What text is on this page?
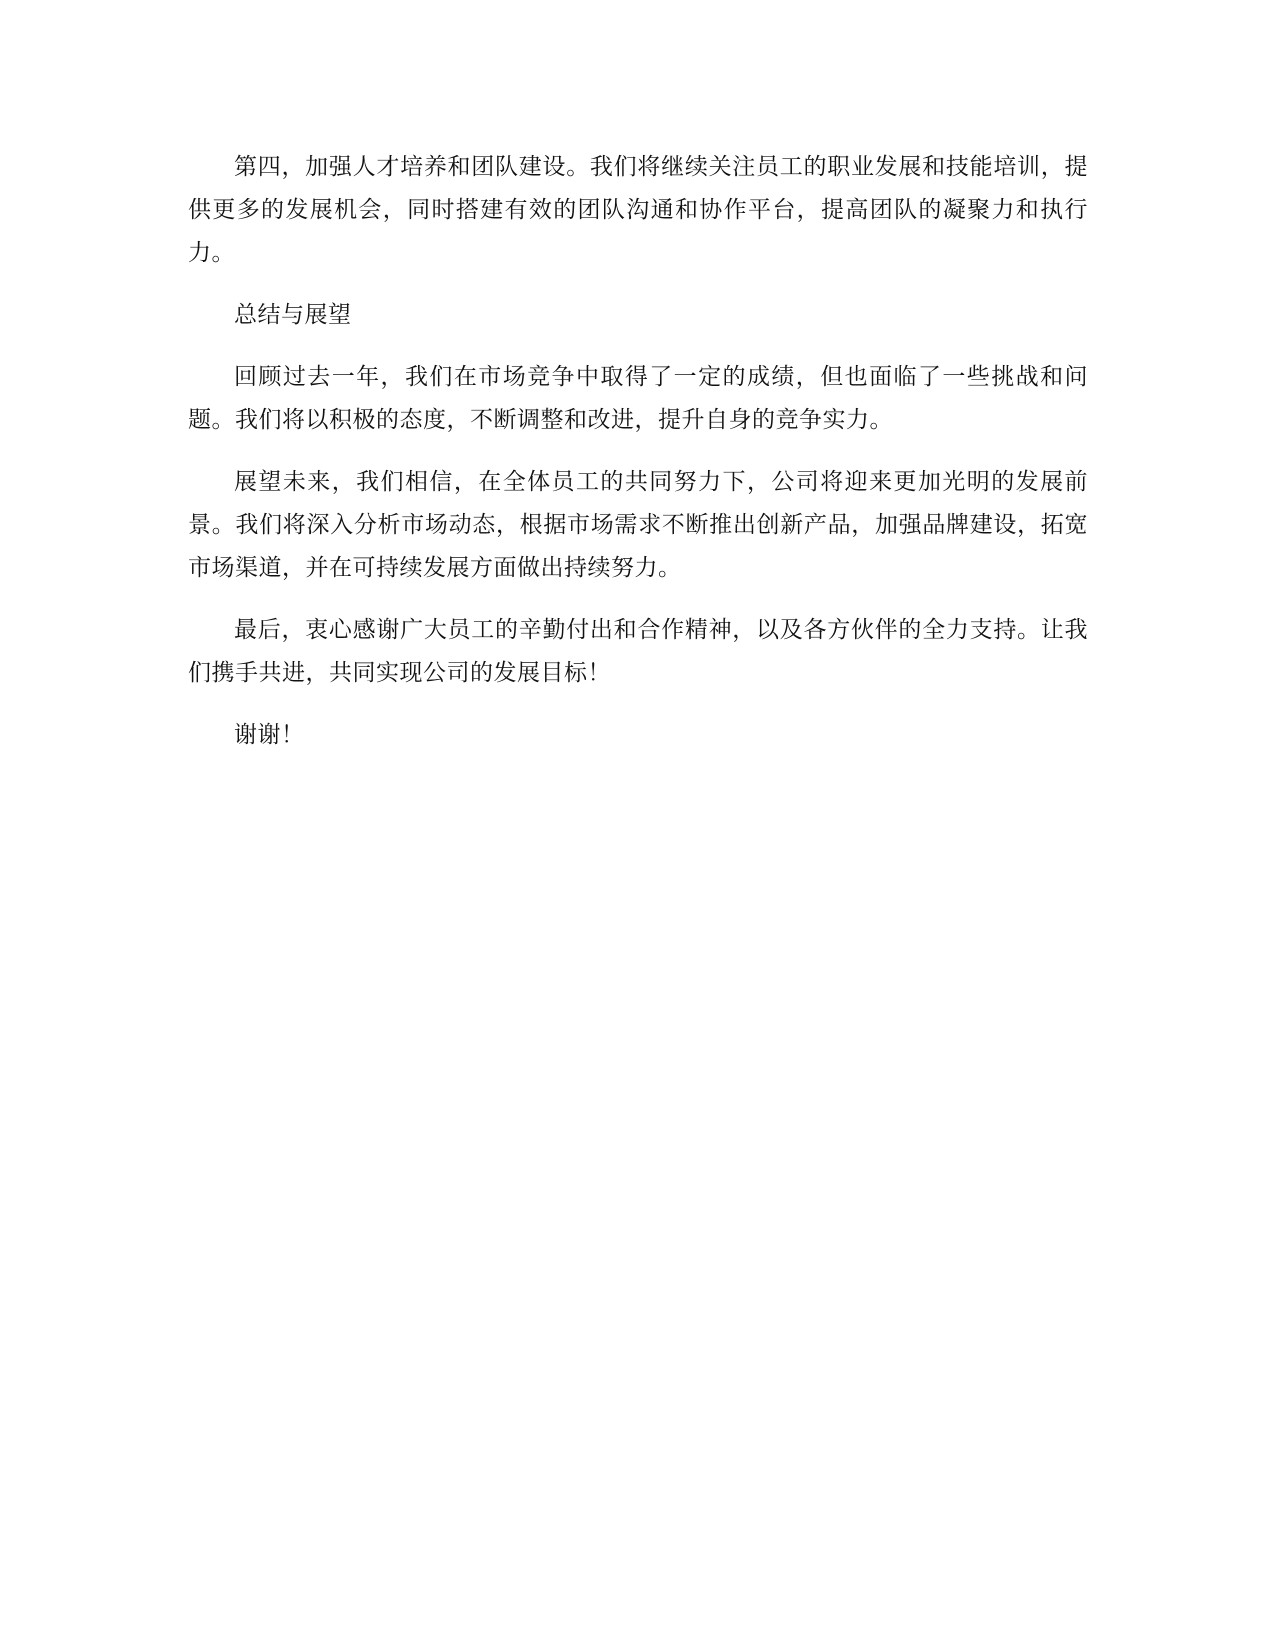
第四，加强人才培养和团队建设。我们将继续关注员工的职业发展和技能培训，提供更多的发展机会，同时搭建有效的团队沟通和协作平台，提高团队的凝聚力和执行力。

总结与展望

回顾过去一年，我们在市场竞争中取得了一定的成绩，但也面临了一些挑战和问题。我们将以积极的态度，不断调整和改进，提升自身的竞争实力。

展望未来，我们相信，在全体员工的共同努力下，公司将迎来更加光明的发展前景。我们将深入分析市场动态，根据市场需求不断推出创新产品，加强品牌建设，拓宽市场渠道，并在可持续发展方面做出持续努力。

最后，衷心感谢广大员工的辛勤付出和合作精神，以及各方伙伴的全力支持。让我们携手共进，共同实现公司的发展目标！

谢谢！
